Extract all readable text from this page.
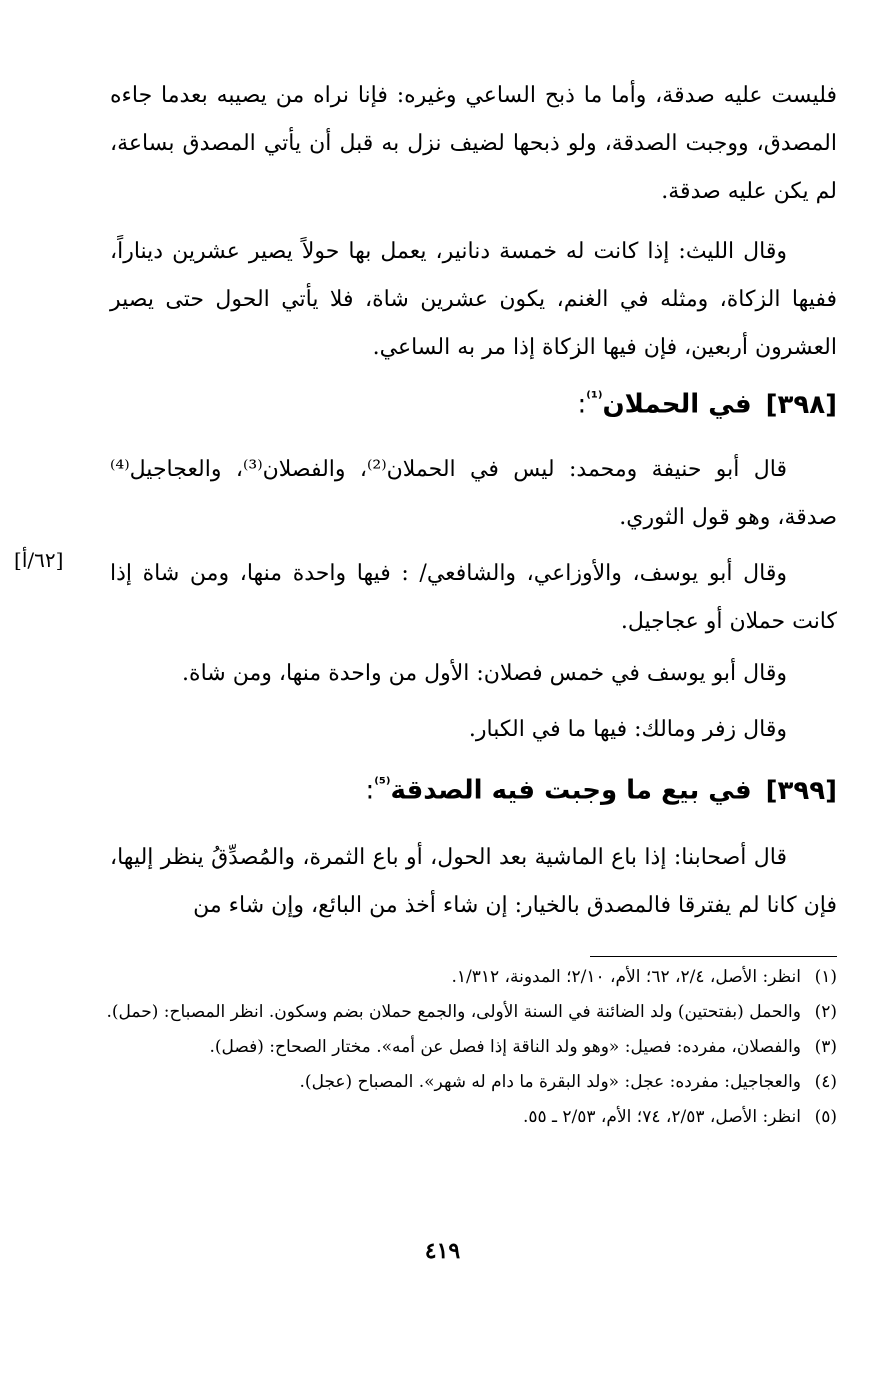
فليست عليه صدقة، وأما ما ذبح الساعي وغيره: فإنا نراه من يصيبه بعدما جاءه المصدق، ووجبت الصدقة، ولو ذبحها لضيف نزل به قبل أن يأتي المصدق بساعة، لم يكن عليه صدقة.

وقال الليث: إذا كانت له خمسة دنانير، يعمل بها حولاً يصير عشرين ديناراً، ففيها الزكاة، ومثله في الغنم، يكون عشرين شاة، فلا يأتي الحول حتى يصير العشرون أربعين، فإن فيها الزكاة إذا مر به الساعي.

[٣٩٨]في الحملان$^{^{(1)}}$:

قال أبو حنيفة ومحمد: ليس في الحملان⁽²⁾، والفصلان⁽³⁾، والعجاجيل⁽⁴⁾ صدقة، وهو قول الثوري.

[٦٢/أ]

وقال أبو يوسف، والأوزاعي، والشافعي/ : فيها واحدة منها، ومن شاة إذا كانت حملان أو عجاجيل.

وقال أبو يوسف في خمس فصلان: الأول من واحدة منها، ومن شاة.

وقال زفر ومالك: فيها ما في الكبار.

[٣٩٩]في بيع ما وجبت فيه الصدقة$^{^{(5)}}$:

قال أصحابنا: إذا باع الماشية بعد الحول، أو باع الثمرة، والمُصدِّقُ ينظر إليها، فإن كانا لم يفترقا فالمصدق بالخيار: إن شاء أخذ من البائع، وإن شاء من

(١)
انظر: الأصل، ٢/٤، ٦٢؛ الأم، ٢/١٠؛ المدونة، ١/٣١٢.
(٢)
والحمل (بفتحتين) ولد الضائنة في السنة الأولى، والجمع حملان بضم وسكون. انظر المصباح: (حمل).
(٣)
والفصلان، مفرده: فصيل: «وهو ولد الناقة إذا فصل عن أمه». مختار الصحاح: (فصل).
(٤)
والعجاجيل: مفرده: عجل: «ولد البقرة ما دام له شهر». المصباح (عجل).
(٥)
انظر: الأصل، ٢/٥٣، ٧٤؛ الأم، ٢/٥٣ ـ ٥٥.
٤١٩
